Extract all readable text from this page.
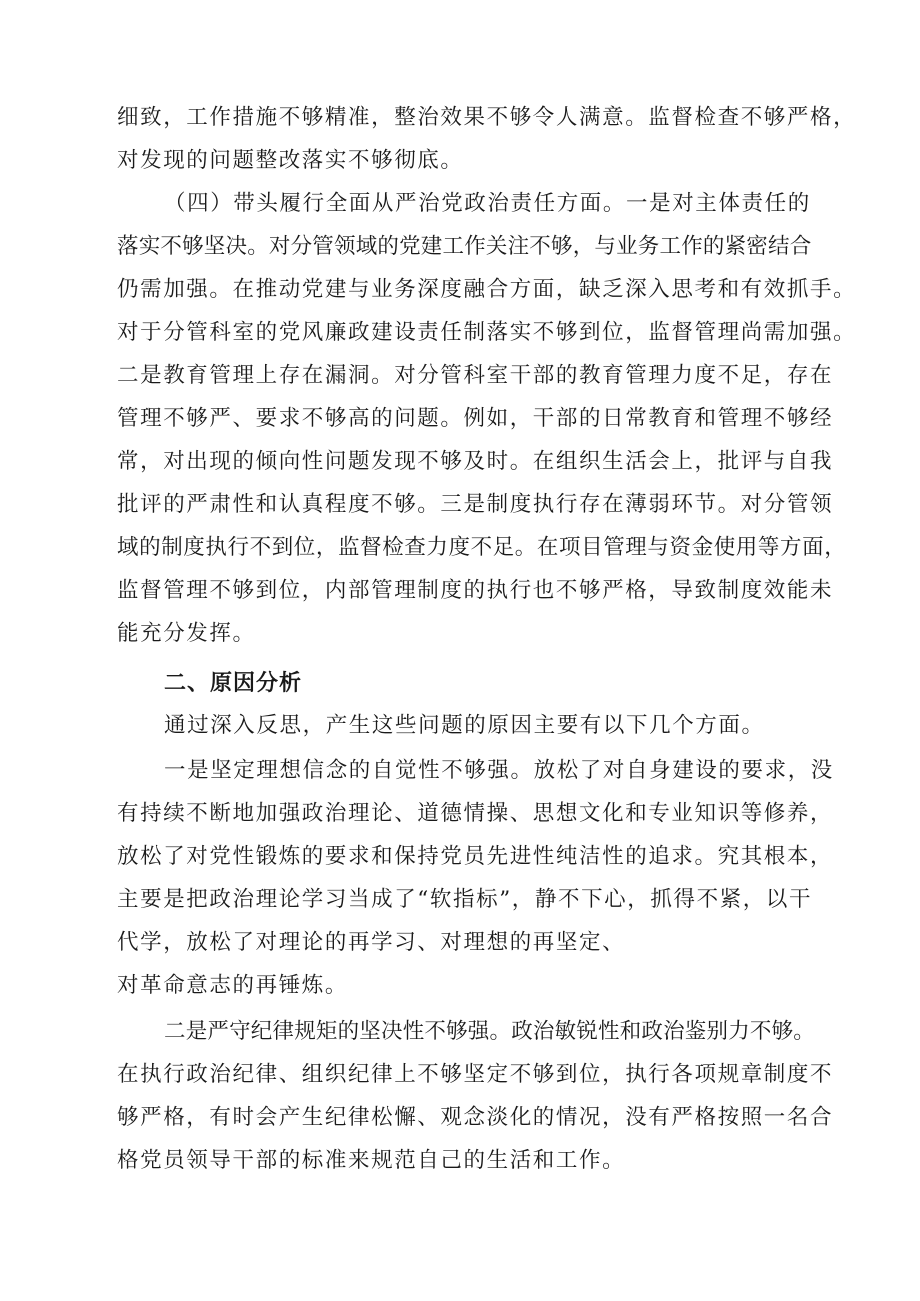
细致，工作措施不够精准，整治效果不够令人满意。监督检查不够严格，
对发现的问题整改落实不够彻底。
（四）带头履行全面从严治党政治责任方面。一是对主体责任的
落实不够坚决。对分管领域的党建工作关注不够，与业务工作的紧密结合
仍需加强。在推动党建与业务深度融合方面，缺乏深入思考和有效抓手。
对于分管科室的党风廉政建设责任制落实不够到位，监督管理尚需加强。
二是教育管理上存在漏洞。对分管科室干部的教育管理力度不足，存在
管理不够严、要求不够高的问题。例如，干部的日常教育和管理不够经
常，对出现的倾向性问题发现不够及时。在组织生活会上，批评与自我
批评的严肃性和认真程度不够。三是制度执行存在薄弱环节。对分管领
域的制度执行不到位，监督检查力度不足。在项目管理与资金使用等方面，
监督管理不够到位，内部管理制度的执行也不够严格，导致制度效能未
能充分发挥。
二、原因分析
通过深入反思，产生这些问题的原因主要有以下几个方面。
一是坚定理想信念的自觉性不够强。放松了对自身建设的要求，没
有持续不断地加强政治理论、道德情操、思想文化和专业知识等修养，
放松了对党性锻炼的要求和保持党员先进性纯洁性的追求。究其根本，
主要是把政治理论学习当成了“软指标”，静不下心，抓得不紧，以干
代学，放松了对理论的再学习、对理想的再坚定、
对革命意志的再锤炼。
二是严守纪律规矩的坚决性不够强。政治敏锐性和政治鉴别力不够。
在执行政治纪律、组织纪律上不够坚定不够到位，执行各项规章制度不
够严格，有时会产生纪律松懈、观念淡化的情况，没有严格按照一名合
格党员领导干部的标准来规范自己的生活和工作。
